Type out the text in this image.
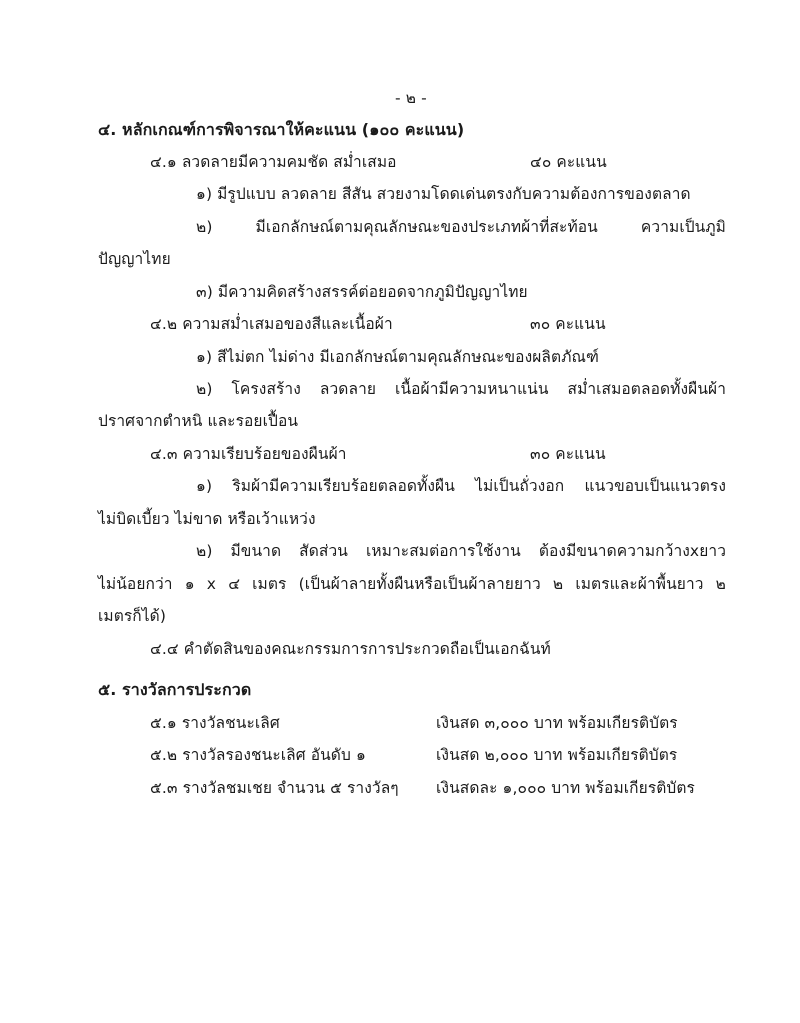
- ๒ -
๔. หลักเกณฑ์การพิจารณาให้คะแนน (๑๐๐ คะแนน)
๔.๑ ลวดลายมีความคมชัด สม่ำเสมอ	๔๐ คะแนน
๑) มีรูปแบบ ลวดลาย สีสัน สวยงามโดดเด่นตรงกับความต้องการของตลาด
๒) มีเอกลักษณ์ตามคุณลักษณะของประเภทผ้าที่สะท้อน ความเป็นภูมิ
ปัญญาไทย
๓) มีความคิดสร้างสรรค์ต่อยอดจากภูมิปัญญาไทย
๔.๒ ความสม่ำเสมอของสีและเนื้อผ้า	๓๐ คะแนน
๑) สีไม่ตก ไม่ด่าง มีเอกลักษณ์ตามคุณลักษณะของผลิตภัณฑ์
๒) โครงสร้าง ลวดลาย เนื้อผ้ามีความหนาแน่น สม่ำเสมอตลอดทั้งผืนผ้า
ปราศจากตำหนิ และรอยเปื้อน
๔.๓ ความเรียบร้อยของผืนผ้า	๓๐ คะแนน
๑) ริมผ้ามีความเรียบร้อยตลอดทั้งผืน ไม่เป็นถั่วงอก แนวขอบเป็นแนวตรง
ไม่บิดเบี้ยว ไม่ขาด หรือเว้าแหว่ง
๒) มีขนาด สัดส่วน เหมาะสมต่อการใช้งาน ต้องมีขนาดความกว้างxยาว
ไม่น้อยกว่า ๑ x ๔ เมตร (เป็นผ้าลายทั้งผืนหรือเป็นผ้าลายยาว ๒ เมตรและผ้าพื้นยาว ๒
เมตรก็ได้)
๔.๔ คำตัดสินของคณะกรรมการการประกวดถือเป็นเอกฉันท์
๕. รางวัลการประกวด
๕.๑ รางวัลชนะเลิศ	เงินสด ๓,๐๐๐ บาท พร้อมเกียรติบัตร
๕.๒ รางวัลรองชนะเลิศ อันดับ ๑	เงินสด ๒,๐๐๐ บาท พร้อมเกียรติบัตร
๕.๓ รางวัลชมเชย จำนวน ๕ รางวัลๆ เงินสดละ ๑,๐๐๐ บาท พร้อมเกียรติบัตร
